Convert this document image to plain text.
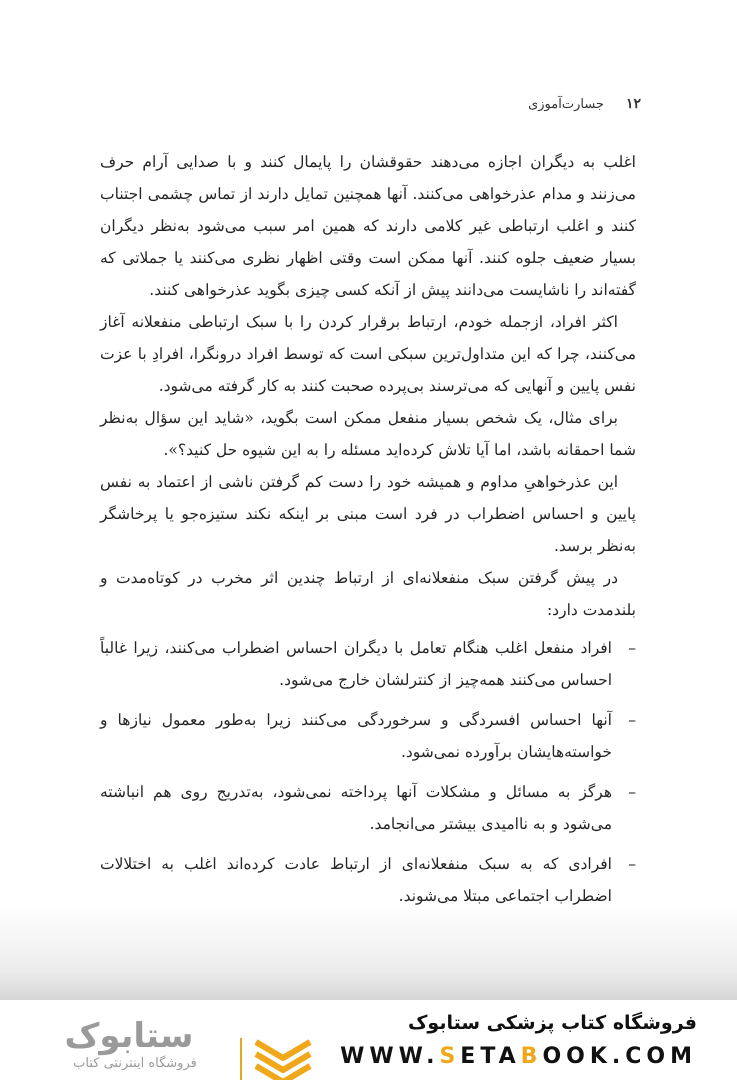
۱۲
جسارت‌آموزی

اغلب به دیگران اجازه می‌دهند حقوقشان را پایمال کنند و با صدایی آرام حرف می‌زنند و مدام عذرخواهی می‌کنند. آنها همچنین تمایل دارند از تماس چشمی اجتناب کنند و اغلب ارتباطی غیر کلامی دارند که همین امر سبب می‌شود به‌نظر دیگران بسیار ضعیف جلوه کنند. آنها ممکن است وقتی اظهار نظری می‌کنند یا جملاتی که گفته‌اند را ناشایست می‌دانند پیش از آنکه کسی چیزی بگوید عذرخواهی کنند.

اکثر افراد، ازجمله خودم، ارتباط برقرار کردن را با سبک ارتباطی منفعلانه آغاز می‌کنند، چرا که این متداول‌ترین سبکی است که توسط افراد درونگرا، افرادِ با عزت نفس پایین و آنهایی که می‌ترسند بی‌پرده صحبت کنند به کار گرفته می‌شود.

برای مثال، یک شخص بسیار منفعل ممکن است بگوید، «شاید این سؤال به‌نظر شما احمقانه باشد، اما آیا تلاش کرده‌اید مسئله را به این شیوه حل کنید؟».

این عذرخواهیِ مداوم و همیشه خود را دست کم گرفتن ناشی از اعتماد به نفس پایین و احساس اضطراب در فرد است مبنی بر اینکه نکند ستیزه‌جو یا پرخاشگر به‌نظر برسد.

در پیش گرفتن سبک منفعلانه‌ای از ارتباط چندین اثر مخرب در کوتاه‌مدت و بلندمدت دارد:

–
افراد منفعل اغلب هنگام تعامل با دیگران احساس اضطراب می‌کنند، زیرا غالباً احساس می‌کنند همه‌چیز از کنترلشان خارج می‌شود.
–
آنها احساس افسردگی و سرخوردگی می‌کنند زیرا به‌طور معمول نیازها و خواسته‌هایشان برآورده نمی‌شود.
–
هرگز به مسائل و مشکلات آنها پرداخته نمی‌شود، به‌تدریج روی هم انباشته می‌شود و به ناامیدی بیشتر می‌انجامد.
–
افرادی که به سبک منفعلانه‌ای از ارتباط عادت کرده‌اند اغلب به اختلالات اضطراب اجتماعی مبتلا می‌شوند.
ستابوک
فروشگاه اینترنتی کتاب
فروشگاه کتاب پزشکی ستابوک
WWW.SETABOOK.COM
